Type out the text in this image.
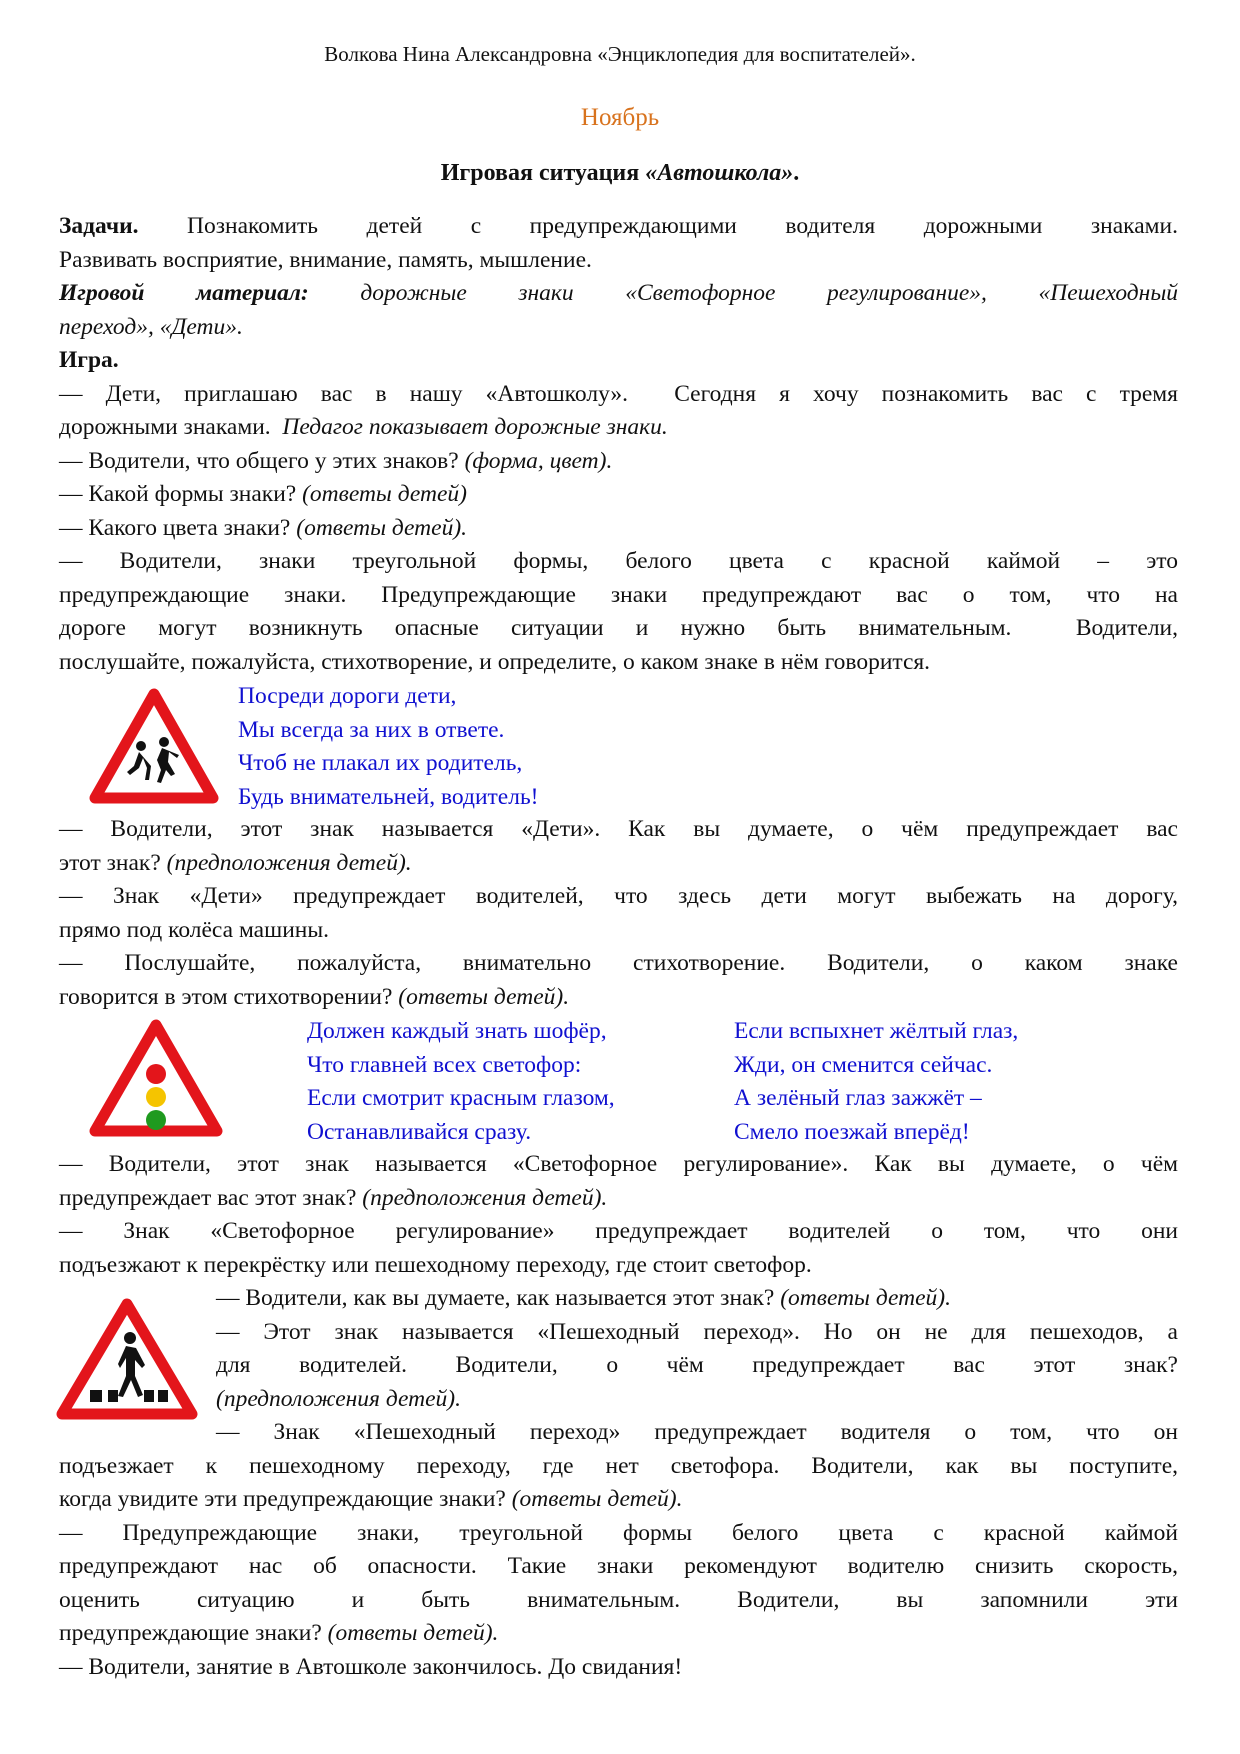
Волкова Нина Александровна «Энциклопедия для воспитателей».
Ноябрь
Игровая ситуация «Автошкола».
Задачи. Познакомить детей с предупреждающими водителя дорожными знаками.
Развивать восприятие, внимание, память, мышление.
Игровой материал: дорожные знаки «Светофорное регулирование», «Пешеходный
переход», «Дети».
Игра.
— Дети, приглашаю вас в нашу «Автошколу».  Сегодня я хочу познакомить вас с тремя
дорожными знаками.  Педагог показывает дорожные знаки.
— Водители, что общего у этих знаков? (форма, цвет).
— Какой формы знаки? (ответы детей)
— Какого цвета знаки? (ответы детей).
— Водители, знаки треугольной формы, белого цвета с красной каймой – это
предупреждающие знаки. Предупреждающие знаки предупреждают вас о том, что на
дороге могут возникнуть опасные ситуации и нужно быть внимательным.  Водители,
послушайте, пожалуйста, стихотворение, и определите, о каком знаке в нём говорится.
— Водители, этот знак называется «Дети». Как вы думаете, о чём предупреждает вас
этот знак? (предположения детей).
— Знак «Дети» предупреждает водителей, что здесь дети могут выбежать на дорогу,
прямо под колёса машины.
— Послушайте, пожалуйста, внимательно стихотворение. Водители, о каком знаке
говорится в этом стихотворении? (ответы детей).
— Водители, этот знак называется «Светофорное регулирование». Как вы думаете, о чём
предупреждает вас этот знак? (предположения детей).
— Знак «Светофорное регулирование» предупреждает водителей о том, что они
подъезжают к перекрёстку или пешеходному переходу, где стоит светофор.
— Водители, как вы думаете, как называется этот знак? (ответы детей).
— Этот знак называется «Пешеходный переход». Но он не для пешеходов, а
для водителей. Водители, о чём предупреждает вас этот знак?
(предположения детей).
— Знак «Пешеходный переход» предупреждает водителя о том, что он
подъезжает к пешеходному переходу, где нет светофора. Водители, как вы поступите,
когда увидите эти предупреждающие знаки? (ответы детей).
— Предупреждающие знаки, треугольной формы белого цвета с красной каймой
предупреждают нас об опасности. Такие знаки рекомендуют водителю снизить скорость,
оценить ситуацию и быть внимательным. Водители, вы запомнили эти
предупреждающие знаки? (ответы детей).
— Водители, занятие в Автошколе закончилось. До свидания!
Посреди дороги дети,
Мы всегда за них в ответе.
Чтоб не плакал их родитель,
Будь внимательней, водитель!
Должен каждый знать шофёр,
Что главней всех светофор:
Если смотрит красным глазом,
Останавливайся сразу.
Если вспыхнет жёлтый глаз,
Жди, он сменится сейчас.
А зелёный глаз зажжёт –
Смело поезжай вперёд!
